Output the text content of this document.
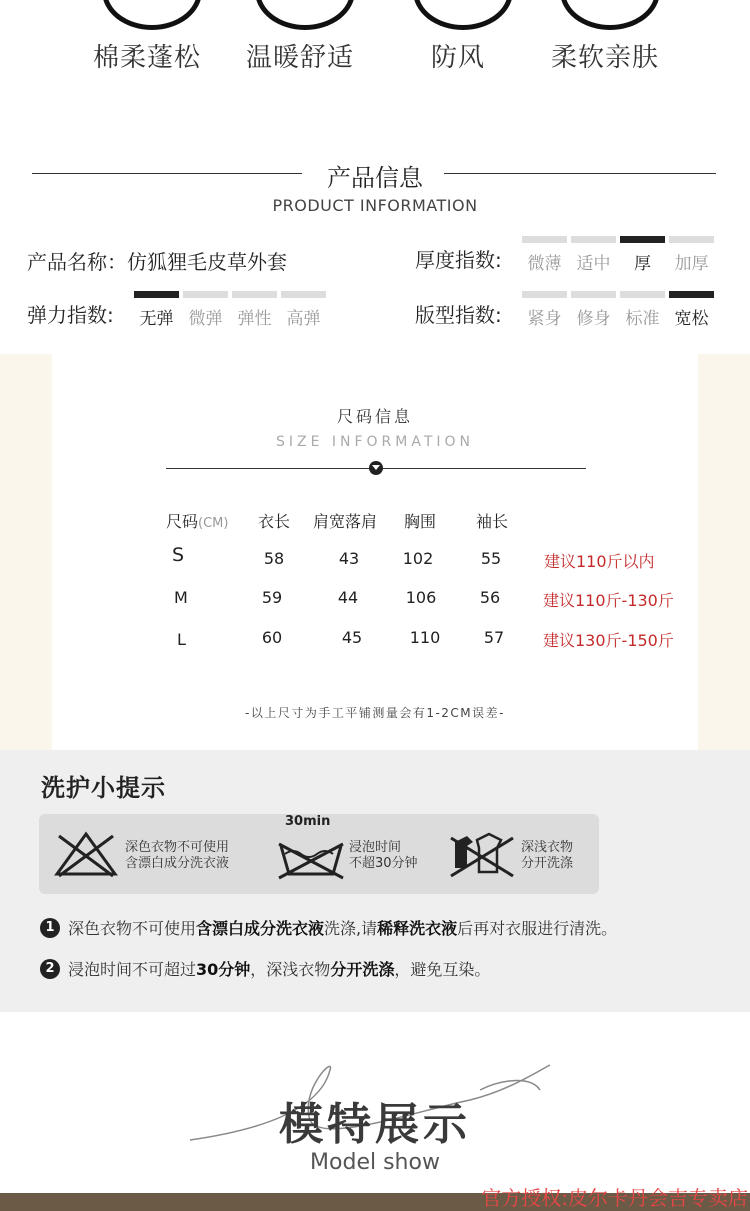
棉柔蓬松	温暖舒适	防风	柔软亲肤
产品信息
PRODUCT INFORMATION
产品名称：仿狐狸毛皮草外套	厚度指数:	微薄 适中	厚	加厚
弹力指数:	无弹 微弹 弹性 高弹	版型指数:	紧身 修身 标准 宽松
尺码信息
SIZE INFORMATION
尺码(CM)	衣长	肩宽落肩	胸围	袖长
S	58	43	102	55	建议110斤以内
M	59	44	106	56	建议110斤-130斤
L	60	45	110	57	建议130斤-150斤
-以上尺寸为手工平铺测量会有1-2CM误差-
洗护小提示
深色衣物不可使用
含漂白成分洗衣液
30min
浸泡时间
不超30分钟
深浅衣物
分开洗涤
1 深色衣物不可使用 含漂白成分洗衣液 洗涤,请 稀释洗衣液 后再对衣服进行清洗。
2 浸泡时间不可超过 30分钟 ，深浅衣物 分开洗涤 ，避免互染。
模特展示
Model show
官方授权:皮尔卡丹会吉专卖店
